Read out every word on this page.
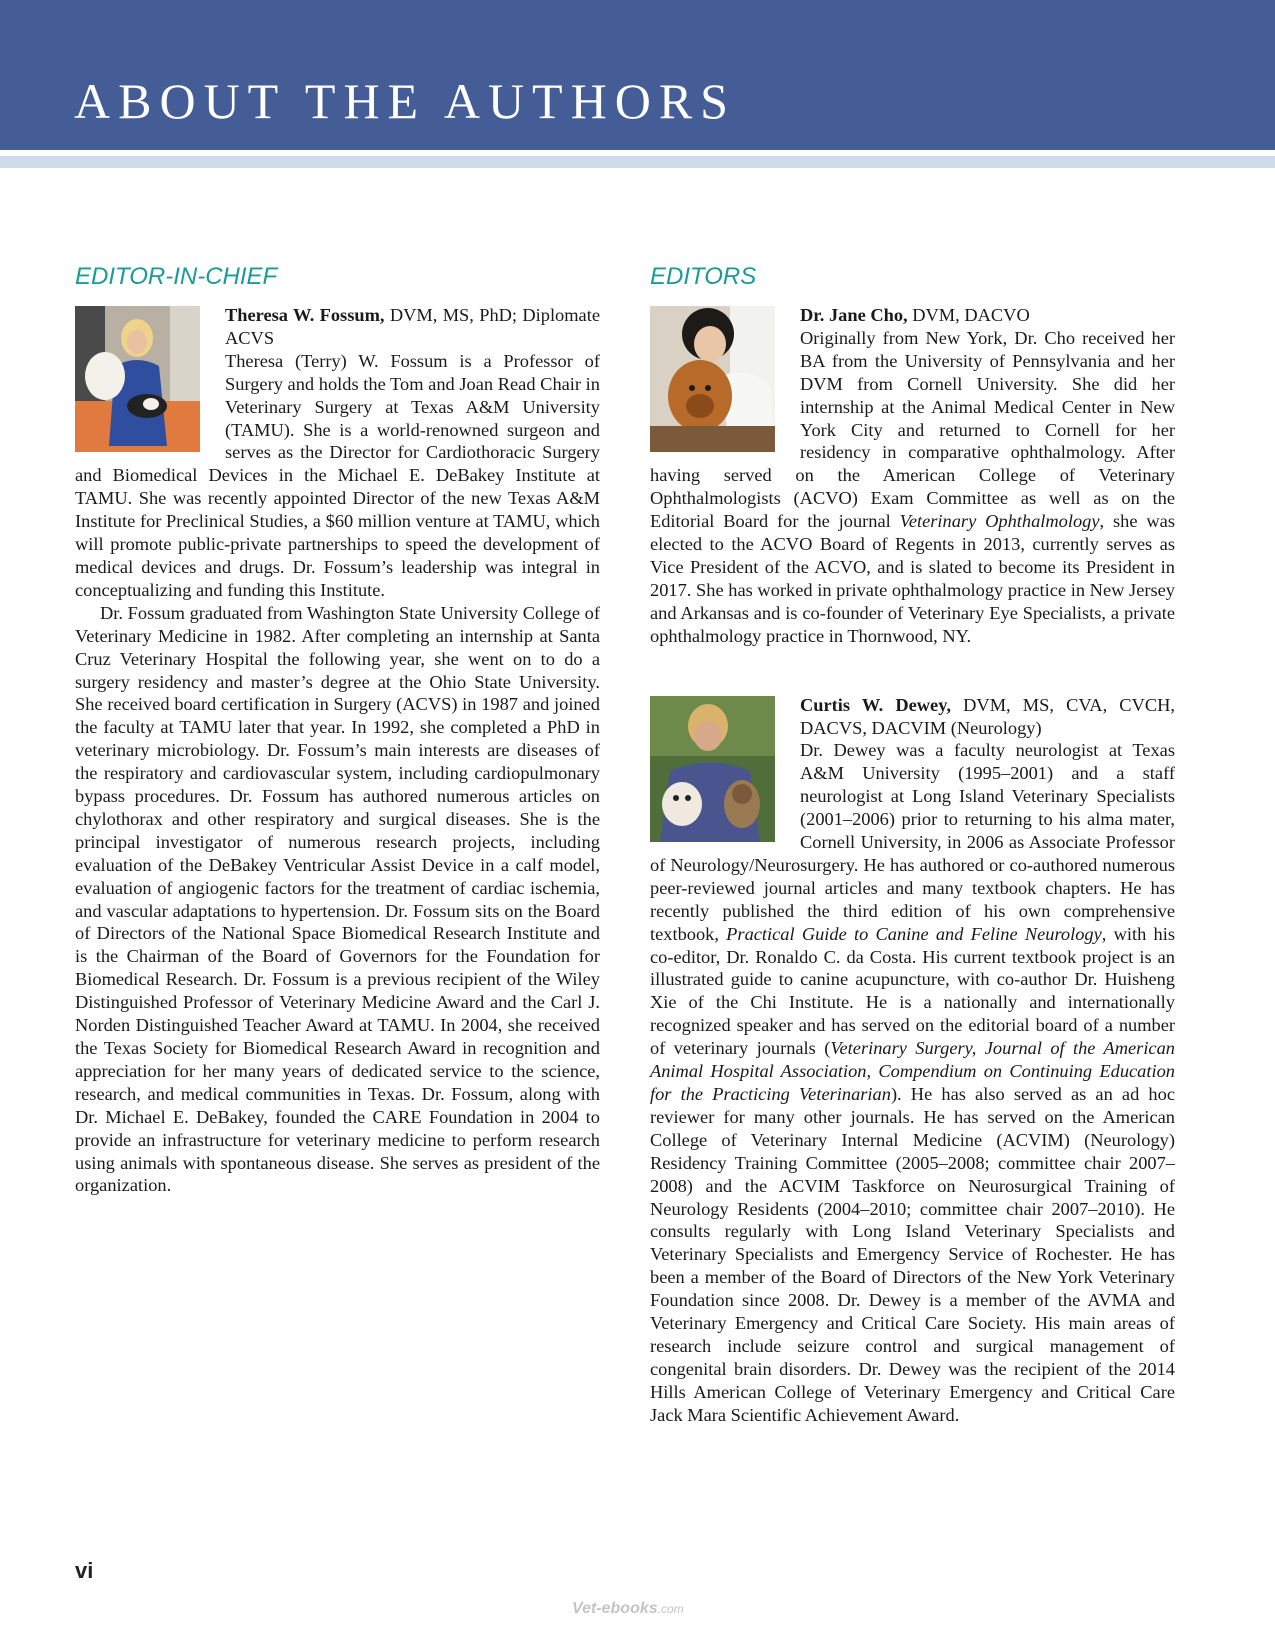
ABOUT THE AUTHORS
EDITOR-IN-CHIEF

Theresa W. Fossum, DVM, MS, PhD; Diplomate ACVS

Theresa (Terry) W. Fossum is a Professor of Surgery and holds the Tom and Joan Read Chair in Veterinary Surgery at Texas A&M University (TAMU). She is a world-renowned surgeon and serves as the Director for Cardiothoracic Surgery and Biomedical Devices in the Michael E. DeBakey Institute at TAMU. She was recently appointed Director of the new Texas A&M Institute for Preclinical Studies, a $60 million venture at TAMU, which will promote public-private partnerships to speed the development of medical devices and drugs. Dr. Fossum’s leadership was integral in conceptualizing and funding this Institute.

Dr. Fossum graduated from Washington State University College of Veterinary Medicine in 1982. After completing an internship at Santa Cruz Veterinary Hospital the following year, she went on to do a surgery residency and master’s degree at the Ohio State University. She received board certification in Surgery (ACVS) in 1987 and joined the faculty at TAMU later that year. In 1992, she completed a PhD in veterinary microbiology. Dr. Fossum’s main interests are diseases of the respiratory and cardiovascular system, including cardiopulmonary bypass procedures. Dr. Fossum has authored numerous articles on chylothorax and other respiratory and surgical diseases. She is the principal investigator of numerous research projects, including evaluation of the DeBakey Ventricular Assist Device in a calf model, evaluation of angiogenic factors for the treatment of cardiac ischemia, and vascular adaptations to hypertension. Dr. Fossum sits on the Board of Directors of the National Space Biomedical Research Institute and is the Chairman of the Board of Governors for the Foundation for Biomedical Research. Dr. Fossum is a previous recipient of the Wiley Distinguished Professor of Veterinary Medicine Award and the Carl J. Norden Distinguished Teacher Award at TAMU. In 2004, she received the Texas Society for Biomedical Research Award in recognition and appreciation for her many years of dedicated service to the science, research, and medical communities in Texas. Dr. Fossum, along with Dr. Michael E. DeBakey, founded the CARE Foundation in 2004 to provide an infrastructure for veterinary medicine to perform research using animals with spontaneous disease. She serves as president of the organization.

EDITORS

Dr. Jane Cho, DVM, DACVO

Originally from New York, Dr. Cho received her BA from the University of Pennsylvania and her DVM from Cornell University. She did her internship at the Animal Medical Center in New York City and returned to Cornell for her residency in comparative ophthalmology. After having served on the American College of Veterinary Ophthalmologists (ACVO) Exam Committee as well as on the Editorial Board for the journal Veterinary Ophthalmology, she was elected to the ACVO Board of Regents in 2013, currently serves as Vice President of the ACVO, and is slated to become its President in 2017. She has worked in private ophthalmology practice in New Jersey and Arkansas and is co-founder of Veterinary Eye Specialists, a private ophthalmology practice in Thornwood, NY.

Curtis W. Dewey, DVM, MS, CVA, CVCH, DACVS, DACVIM (Neurology)

Dr. Dewey was a faculty neurologist at Texas A&M University (1995–2001) and a staff neurologist at Long Island Veterinary Specialists (2001–2006) prior to returning to his alma mater, Cornell University, in 2006 as Associate Professor of Neurology/Neurosurgery. He has authored or co-authored numerous peer-reviewed journal articles and many textbook chapters. He has recently published the third edition of his own comprehensive textbook, Practical Guide to Canine and Feline Neurology, with his co-editor, Dr. Ronaldo C. da Costa. His current textbook project is an illustrated guide to canine acupuncture, with co-author Dr. Huisheng Xie of the Chi Institute. He is a nationally and internationally recognized speaker and has served on the editorial board of a number of veterinary journals (Veterinary Surgery, Journal of the American Animal Hospital Association, Compendium on Continuing Education for the Practicing Veterinarian). He has also served as an ad hoc reviewer for many other journals. He has served on the American College of Veterinary Internal Medicine (ACVIM) (Neurology) Residency Training Committee (2005–2008; committee chair 2007–2008) and the ACVIM Taskforce on Neurosurgical Training of Neurology Residents (2004–2010; committee chair 2007–2010). He consults regularly with Long Island Veterinary Specialists and Veterinary Specialists and Emergency Service of Rochester. He has been a member of the Board of Directors of the New York Veterinary Foundation since 2008. Dr. Dewey is a member of the AVMA and Veterinary Emergency and Critical Care Society. His main areas of research include seizure control and surgical management of congenital brain disorders. Dr. Dewey was the recipient of the 2014 Hills American College of Veterinary Emergency and Critical Care Jack Mara Scientific Achievement Award.

vi
Vet-ebooks.com
